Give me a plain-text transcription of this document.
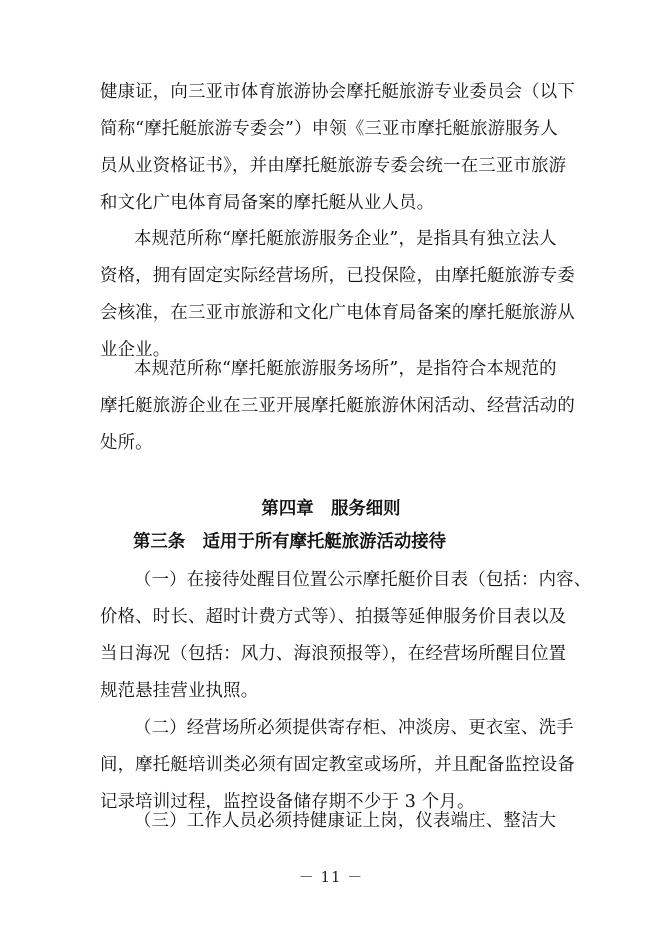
健康证，向三亚市体育旅游协会摩托艇旅游专业委员会（以下
简称“摩托艇旅游专委会”）申领《三亚市摩托艇旅游服务人
员从业资格证书》，并由摩托艇旅游专委会统一在三亚市旅游
和文化广电体育局备案的摩托艇从业人员。
本规范所称“摩托艇旅游服务企业”，是指具有独立法人
资格，拥有固定实际经营场所，已投保险，由摩托艇旅游专委
会核准，在三亚市旅游和文化广电体育局备案的摩托艇旅游从
业企业。
本规范所称“摩托艇旅游服务场所”，是指符合本规范的
摩托艇旅游企业在三亚开展摩托艇旅游休闲活动、经营活动的
处所。
第四章　服务细则
第三条　适用于所有摩托艇旅游活动接待
（一）在接待处醒目位置公示摩托艇价目表（包括：内容、
价格、时长、超时计费方式等）、拍摄等延伸服务价目表以及
当日海况（包括：风力、海浪预报等），在经营场所醒目位置
规范悬挂营业执照。
（二）经营场所必须提供寄存柜、冲淡房、更衣室、洗手
间，摩托艇培训类必须有固定教室或场所，并且配备监控设备
记录培训过程，监控设备储存期不少于 3 个月。
（三）工作人员必须持健康证上岗，仪表端庄、整洁大
－ 11 －
